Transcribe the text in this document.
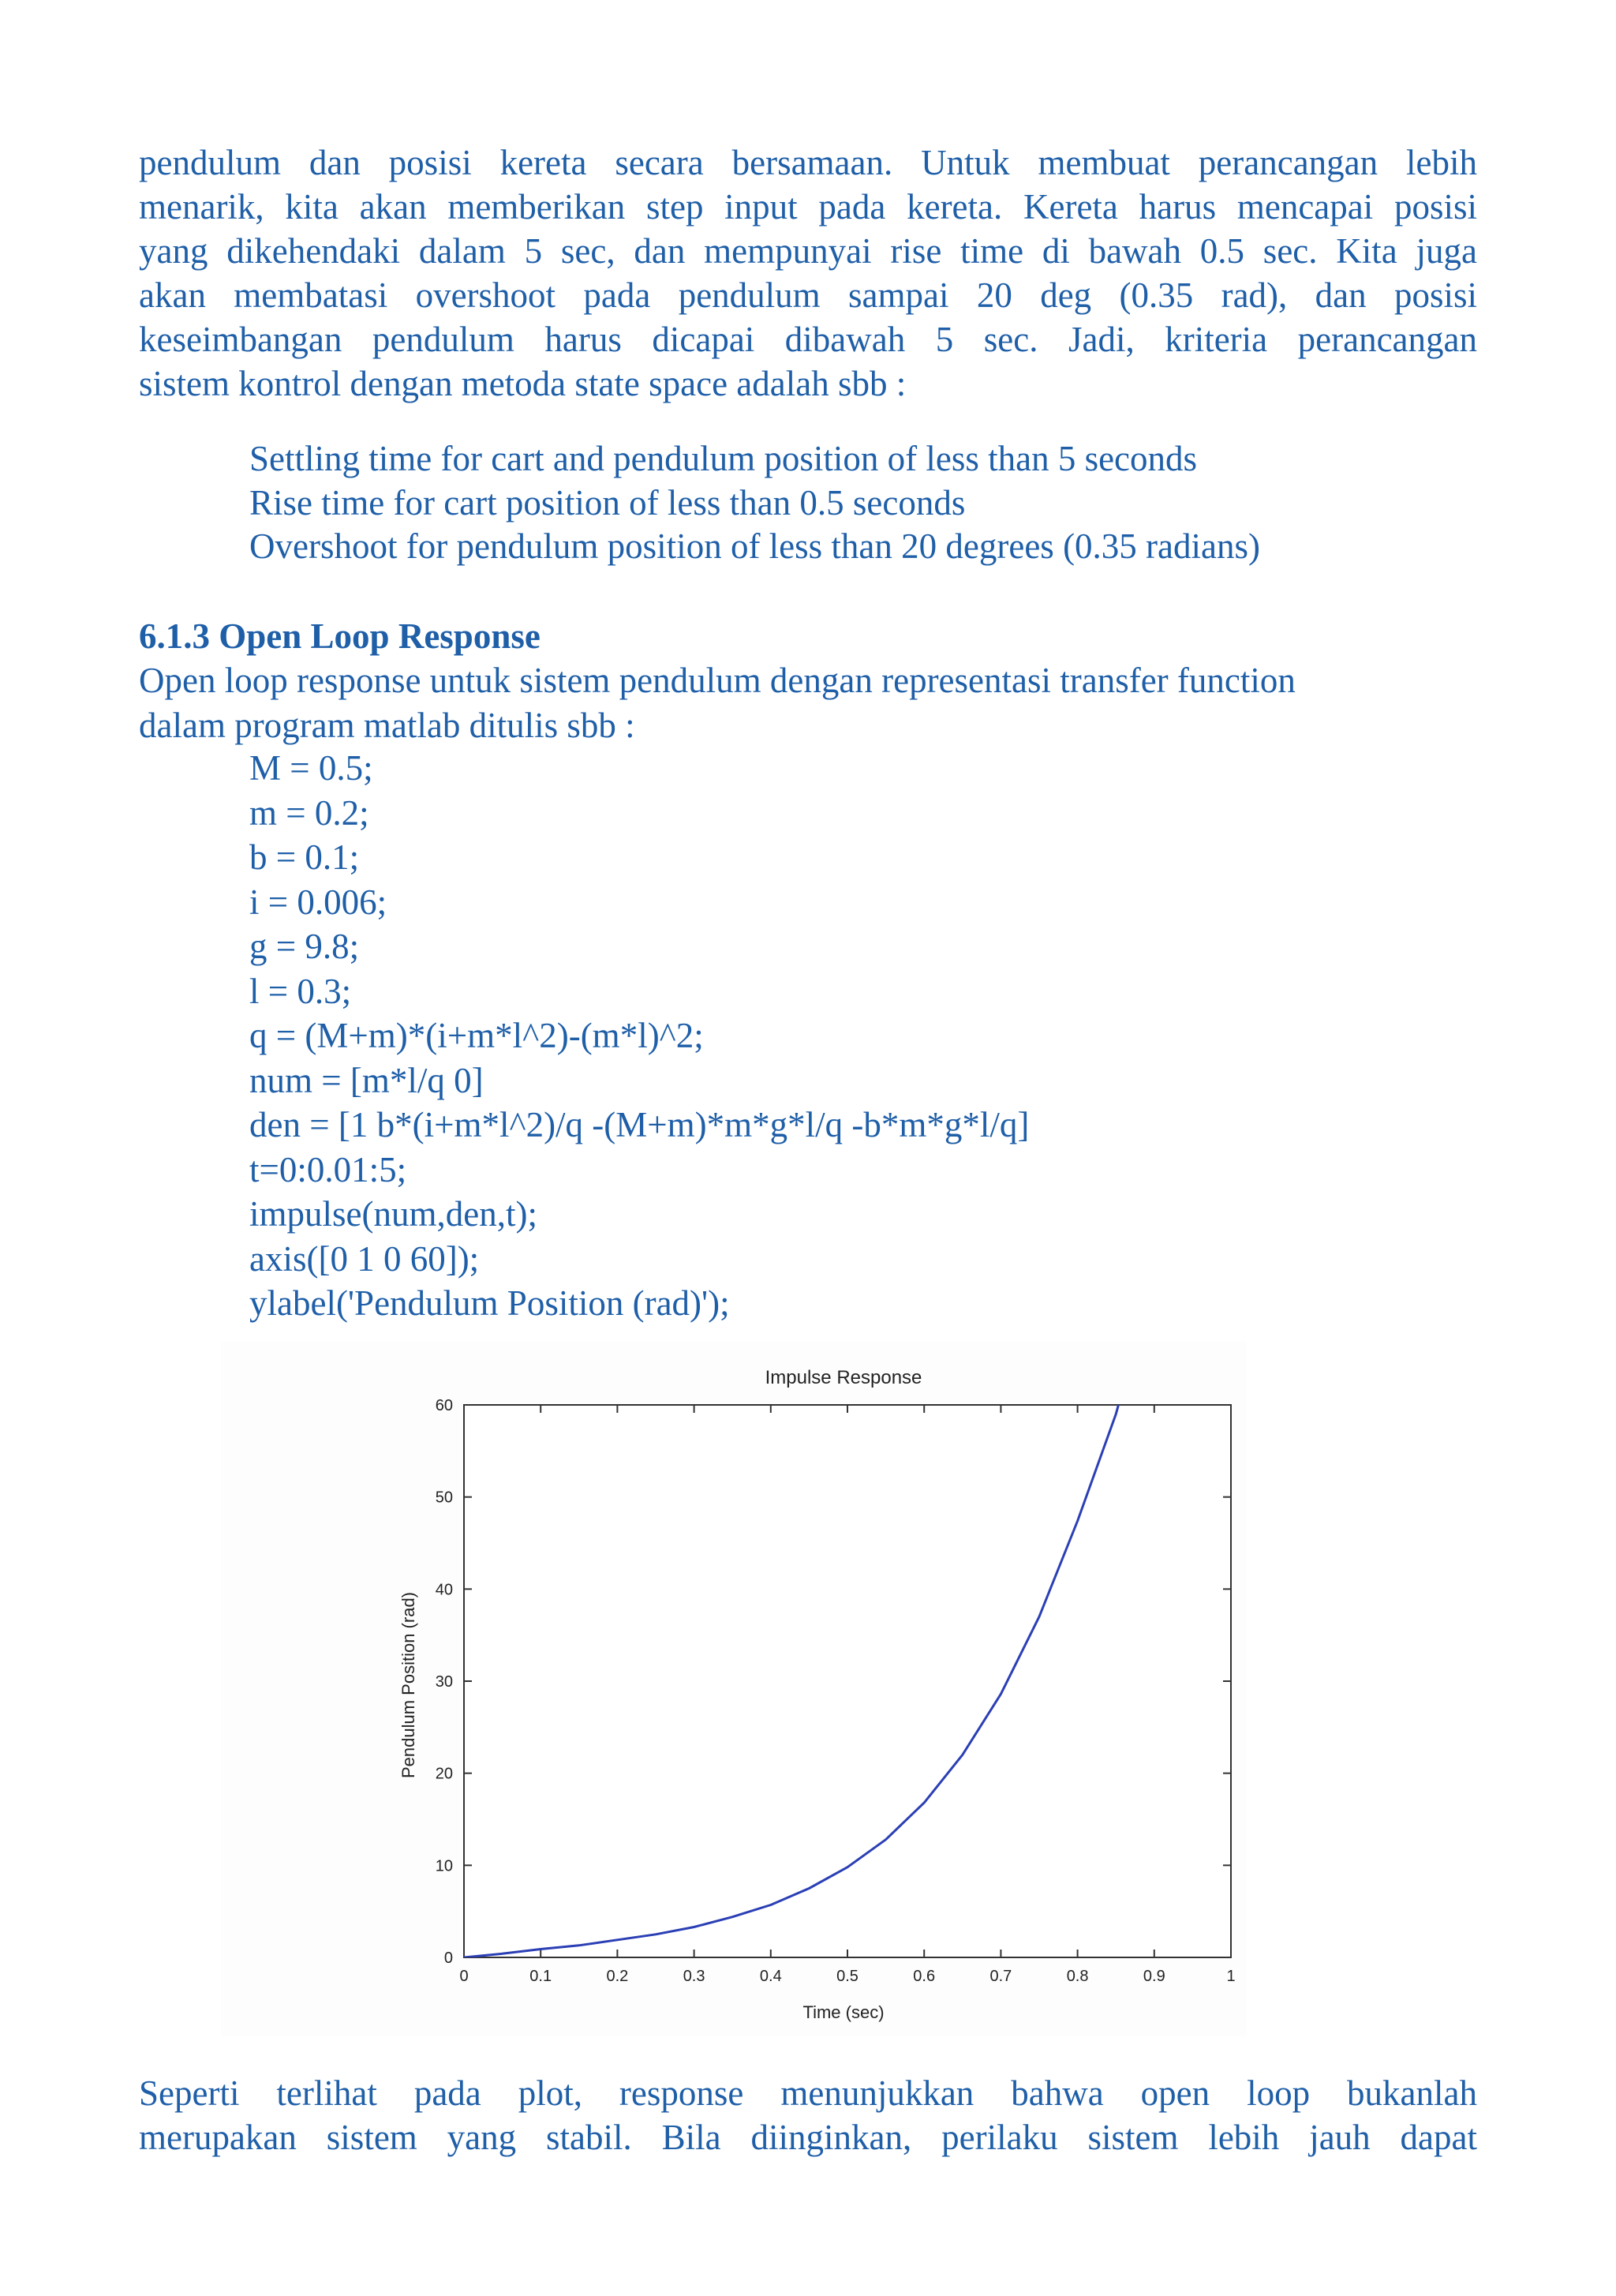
pendulum dan posisi kereta secara bersamaan. Untuk membuat perancangan lebih
menarik, kita akan memberikan step input pada kereta. Kereta harus mencapai posisi
yang dikehendaki dalam 5 sec, dan mempunyai rise time di bawah 0.5 sec. Kita juga
akan membatasi overshoot pada pendulum sampai 20 deg (0.35 rad), dan posisi
keseimbangan pendulum harus dicapai dibawah 5 sec. Jadi, kriteria perancangan
sistem kontrol dengan metoda state space adalah sbb :

Settling time for cart and pendulum position of less than 5 seconds
Rise time for cart position of less than 0.5 seconds
Overshoot for pendulum position of less than 20 degrees (0.35 radians)
6.1.3 Open Loop Response

Open loop response untuk sistem pendulum dengan representasi transfer function
dalam program matlab ditulis sbb :

M = 0.5;
m = 0.2;
b = 0.1;
i = 0.006;
g = 9.8;
l = 0.3;
q = (M+m)*(i+m*l^2)-(m*l)^2;
num = [m*l/q 0]
den = [1 b*(i+m*l^2)/q -(M+m)*m*g*l/q -b*m*g*l/q]
t=0:0.01:5;
impulse(num,den,t);
axis([0 1 0 60]);
ylabel('Pendulum Position (rad)');
0	0.1	0.2	0.3	0.4	0.5	0.6	0.7	0.8	0.9	1
0
10
20
30
40
50
60
Impulse Response
Time (sec)
Pendulum Position (rad)

Seperti terlihat pada plot, response menunjukkan bahwa open loop bukanlah
merupakan sistem yang stabil. Bila diinginkan, perilaku sistem lebih jauh dapat
